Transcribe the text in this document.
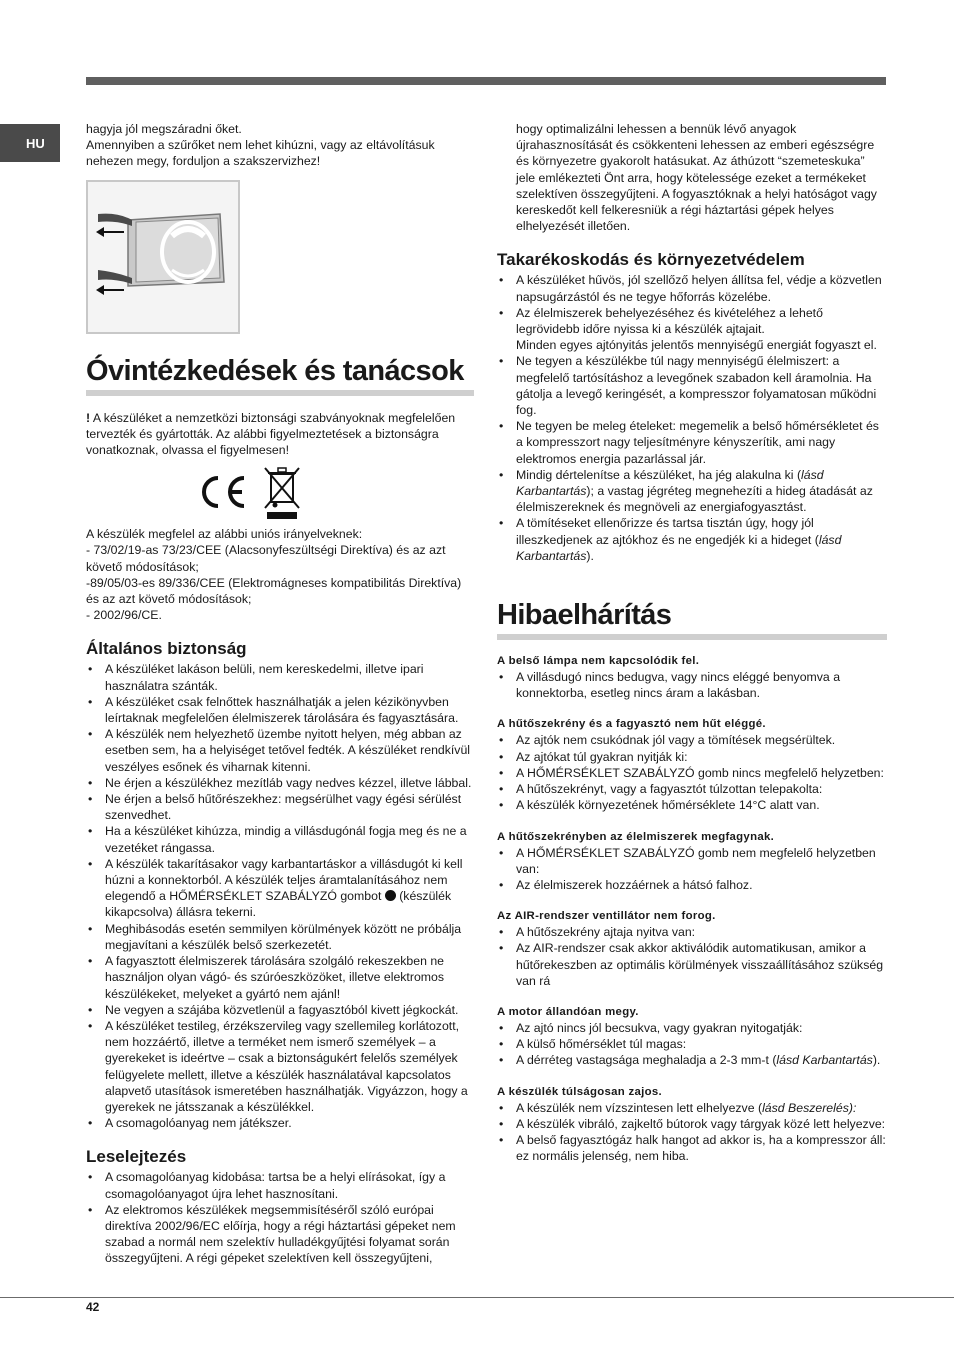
HU

hagyja jól megszáradni őket.

Amennyiben a szűrőket nem lehet kihúzni, vagy az eltávolításuk nehezen megy, forduljon a szakszervizhez!

Óvintézkedések és tanácsok

! A készüléket a nemzetközi biztonsági szabványoknak megfelelően tervezték és gyártották. Az alábbi figyelmeztetések a biztonságra vonatkoznak, olvassa el figyelmesen!

A készülék megfelel az alábbi uniós irányelveknek:

- 73/02/19-as 73/23/CEE (Alacsonyfeszültségi Direktíva) és az azt követő módosítások;

-89/05/03-es 89/336/CEE (Elektromágneses kompatibilitás Direktíva) és az azt követő módosítások;

- 2002/96/CE.

Általános biztonság
• A készüléket lakáson belüli, nem kereskedelmi, illetve ipari használatra szánták.
• A készüléket csak felnőttek használhatják a jelen kézikönyvben leírtaknak megfelelően élelmiszerek tárolására és fagyasztására.
• A készülék nem helyezhető üzembe nyitott helyen, még abban az esetben sem, ha a helyiséget tetővel fedték. A készüléket rendkívül veszélyes esőnek és viharnak kitenni.
• Ne érjen a készülékhez mezítláb vagy nedves kézzel, illetve lábbal.
• Ne érjen a belső hűtőrészekhez: megsérülhet vagy égési sérülést szenvedhet.
• Ha a készüléket kihúzza, mindig a villásdugónál fogja meg és ne a vezetéket rángassa.
• A készülék takarításakor vagy karbantartáskor a villásdugót ki kell húzni a konnektorból. A készülék teljes áramtalanításához nem elegendő a HŐMÉRSÉKLET SZABÁLYZÓ gombot  (készülék kikapcsolva) állásra tekerni.
• Meghibásodás esetén semmilyen körülmények között ne próbálja megjavítani a készülék belső szerkezetét.
• A fagyasztott élelmiszerek tárolására szolgáló rekeszekben ne használjon olyan vágó- és szúróeszközöket, illetve elektromos készülékeket, melyeket a gyártó nem ajánl!
• Ne vegyen a szájába közvetlenül a fagyasztóból kivett jégkockát.
• A készüléket testileg, érzékszervileg vagy szellemileg korlátozott, nem hozzáértő, illetve a terméket nem ismerő személyek – a gyerekeket is ideértve – csak a biztonságukért felelős személyek felügyelete mellett, illetve a készülék használatával kapcsolatos alapvető utasítások ismeretében használhatják. Vigyázzon, hogy a gyerekek ne játsszanak a készülékkel.
• A csomagolóanyag nem játékszer.
Leselejtezés
• A csomagolóanyag kidobása: tartsa be a helyi elírásokat, így a csomagolóanyagot újra lehet hasznosítani.
• Az elektromos készülékek megsemmisítéséről szóló európai direktíva 2002/96/EC előírja, hogy a régi háztartási gépeket nem szabad a normál nem szelektív hulladékgyűjtési folyamat során összegyűjteni. A régi gépeket szelektíven kell összegyűjteni,

hogy optimalizálni lehessen a bennük lévő anyagok újrahasznosítását és csökkenteni lehessen az emberi egészségre és környezetre gyakorolt hatásukat. Az áthúzott “szemeteskuka” jele emlékezteti Önt arra, hogy kötelessége ezeket a termékeket szelektíven összegyűjteni. A fogyasztóknak a helyi hatóságot vagy kereskedőt kell felkeresniük a régi háztartási gépek helyes elhelyezését illetően.

Takarékoskodás és környezetvédelem
• A készüléket hűvös, jól szellőző helyen állítsa fel, védje a közvetlen napsugárzástól és ne tegye hőforrás közelébe.
• Az élelmiszerek behelyezéséhez és kivételéhez a lehető legrövidebb időre nyissa ki a készülék ajtajait.
Minden egyes ajtónyitás jelentős mennyiségű energiát fogyaszt el.
• Ne tegyen a készülékbe túl nagy mennyiségű élelmiszert: a megfelelő tartósításhoz a levegőnek szabadon kell áramolnia. Ha gátolja a levegő keringését, a kompresszor folyamatosan működni fog.
• Ne tegyen be meleg ételeket: megemelik a belső hőmérsékletet és a kompresszort nagy teljesítményre kényszerítik, ami nagy elektromos energia pazarlással jár.
• Mindig dértelenítse a készüléket, ha jég alakulna ki (lásd Karbantartás); a vastag jégréteg megnehezíti a hideg átadását az élelmiszereknek és megnöveli az energiafogyasztást.
• A tömítéseket ellenőrizze és tartsa tisztán úgy, hogy jól illeszkedjenek az ajtókhoz és ne engedjék ki a hideget (lásd Karbantartás).
Hibaelhárítás
A belső lámpa nem kapcsolódik fel.
• A villásdugó nincs bedugva, vagy nincs eléggé benyomva a konnektorba, esetleg nincs áram a lakásban.
A hűtőszekrény és a fagyasztó nem hűt eléggé.
• Az ajtók nem csukódnak jól vagy a tömítések megsérültek.
• Az ajtókat túl gyakran nyitják ki:
• A HŐMÉRSÉKLET SZABÁLYZÓ gomb nincs megfelelő helyzetben:
• A hűtőszekrényt, vagy a fagyasztót túlzottan telepakolta:
• A készülék környezetének hőmérséklete 14°C alatt van.
A hűtőszekrényben az élelmiszerek megfagynak.
• A HŐMÉRSÉKLET SZABÁLYZÓ gomb nem megfelelő helyzetben van:
• Az élelmiszerek hozzáérnek a hátsó falhoz.
Az AIR-rendszer ventillátor nem forog.
• A hűtőszekrény ajtaja nyitva van:
• Az AIR-rendszer csak akkor aktiválódik automatikusan, amikor a hűtőrekeszben az optimális körülmények visszaállításához szükség van rá
A motor állandóan megy.
• Az ajtó nincs jól becsukva, vagy gyakran nyitogatják:
• A külső hőmérséklet túl magas:
• A dérréteg vastagsága meghaladja a 2-3 mm-t (lásd Karbantartás).
A készülék túlságosan zajos.
• A készülék nem vízszintesen lett elhelyezve (lásd Beszerelés):
• A készülék vibráló, zajkeltő bútorok vagy tárgyak közé lett helyezve:
• A belső fagyasztógáz halk hangot ad akkor is, ha a kompresszor áll: ez normális jelenség, nem hiba.
42
